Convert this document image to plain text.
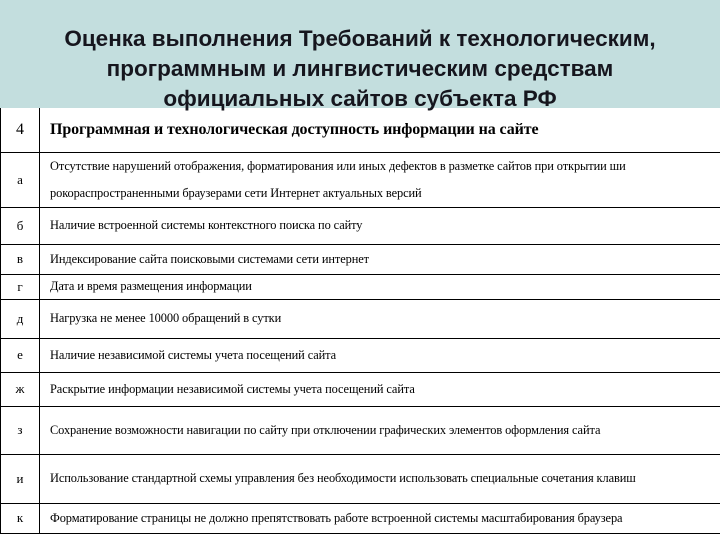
Оценка выполнения Требований к технологическим,
программным и лингвистическим средствам
официальных сайтов субъекта РФ
4	Программная и технологическая доступность информации на сайте
а	Отсутствие нарушений отображения, форматирования или иных дефектов в разметке сайтов при открытии ши рокораспространенными браузерами сети Интернет актуальных версий
б	Наличие встроенной системы контекстного поиска по сайту
в	Индексирование сайта поисковыми системами сети интернет
г	Дата и время размещения информации
д	Нагрузка не менее 10000 обращений в сутки
е	Наличие независимой системы учета посещений сайта
ж	Раскрытие информации независимой системы учета посещений сайта
з	Сохранение возможности навигации по сайту при отключении графических элементов оформления сайта
и	Использование стандартной схемы управления без необходимости использовать специальные сочетания клавиш
к	Форматирование страницы не должно препятствовать работе встроенной системы масштабирования браузера
